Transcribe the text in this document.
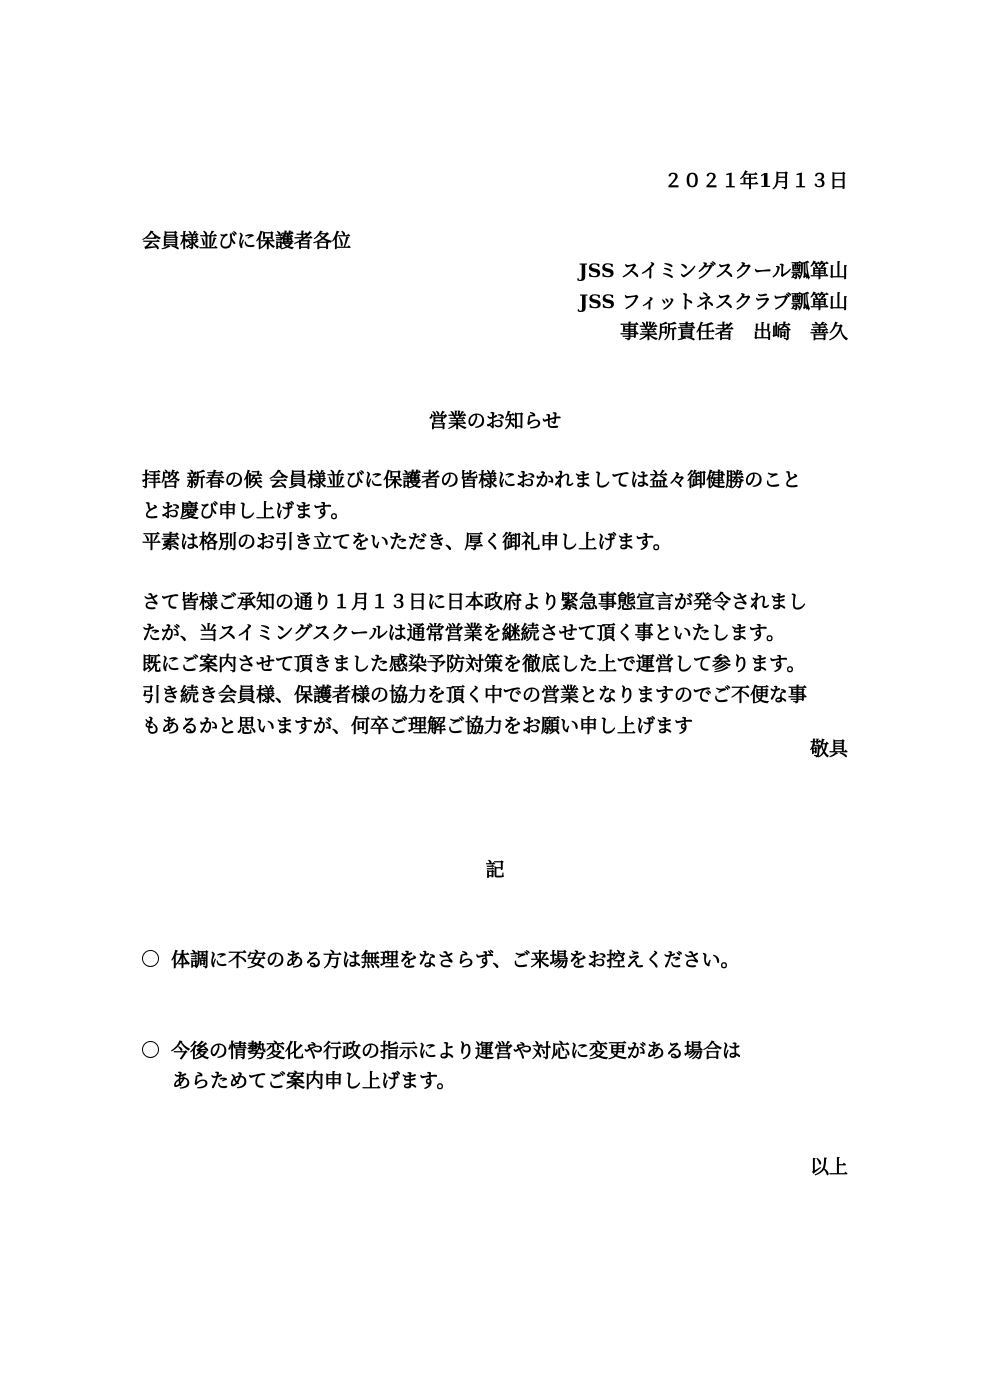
２０２１年1月１３日
会員様並びに保護者各位
JSS スイミングスクール瓢箪山
JSS フィットネスクラブ瓢箪山
事業所責任者　出崎　善久
営業のお知らせ

拝啓 新春の候 会員様並びに保護者の皆様におかれましては益々御健勝のこと

とお慶び申し上げます。

平素は格別のお引き立てをいただき、厚く御礼申し上げます。

さて皆様ご承知の通り１月１３日に日本政府より緊急事態宣言が発令されまし

たが、当スイミングスクールは通常営業を継続させて頂く事といたします。

既にご案内させて頂きました感染予防対策を徹底した上で運営して参ります。

引き続き会員様、保護者様の協力を頂く中での営業となりますのでご不便な事

もあるかと思いますが、何卒ご理解ご協力をお願い申し上げます

敬具
記
体調に不安のある方は無理をなさらず、ご来場をお控えください。
今後の情勢変化や行政の指示により運営や対応に変更がある場合は
あらためてご案内申し上げます。
以上
